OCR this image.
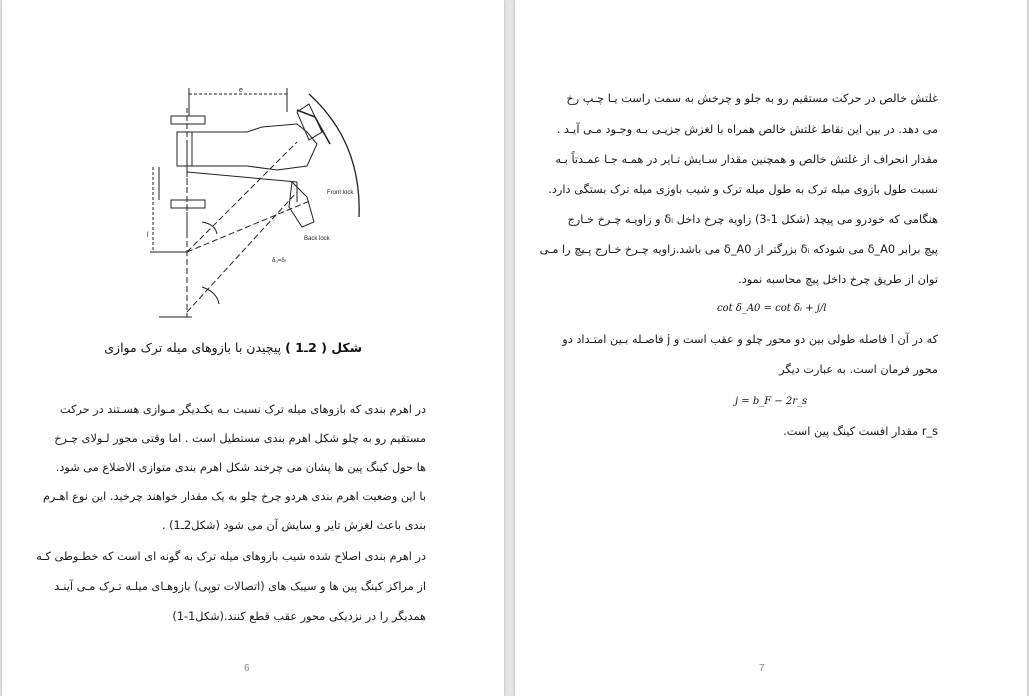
e
Front lock
Back lock
δ₀=δᵢ
l
شکل ( 2ـ1 ) پیچیدن با بازوهای میله ترک موازی
در اهرم بندی که بازوهای میله ترک نسبت بـه یکـدیگر مـوازی هسـتند در حرکت
مستقیم رو به چلو شکل اهرم بندی مستطیل است . اما وقتی محور لـولای چـرخ
ها حول کینگ پین ها پشان می چرخند شکل اهرم بندی متوازی الاضلاع می شود.
با این وضعیت اهرم بندی هردو چرخ چلو به یک مقدار خواهند چرخید. این نوع اهـرم
بندی باعث لغزش تایر و سایش آن می شود (شکل2ـ1) .
در اهرم بندی اصلاح شده شیب بازوهای میله ترک به گونه ای است که خطـوطی کـه
از مراکز کینگ پین ها و سیبک های (اتصالات توپی) بازوهـای میلـه تـرک مـی آینـد
همدیگر را در نزدیکی محور عقب قطع کنند.(شکل1-1)
6
غلتش خالص در حرکت مستقیم رو به جلو و چرخش به سمت راست یـا چـپ رخ
می دهد. در بین این نقاط غلتش خالص همراه با لغزش جزیـی بـه وجـود مـی آیـد .
مقدار انحراف از غلتش خالص و همچنین مقدار سـایش تـایر در همـه جـا عمـدتاً بـه
نسبت طول بازوی میله ترک به طول میله ترک و شیب باوزی میله ترک بستگی دارد.
هنگامی که خودرو می پیچد (شکل 1-3) زاویه چرخ داخل δᵢ و زاویـه چـرخ خـارج
پیچ برابر δ_A0 می شودکه δᵢ بزرگتر از δ_A0 می باشد.زاویه چـرخ خـارج پـیچ را مـی
توان از طریق چرخ داخل پیچ محاسبه نمود.
cot δ_A0 = cot δᵢ + j/l
که در آن l فاصله طولی بین دو محور چلو و عقب است و j فاصـله بـین امتـداد دو
محور فرمان است. به عبارت دیگر
j = b_F − 2r_s
r_s مقدار افست کینگ پین است.
7
